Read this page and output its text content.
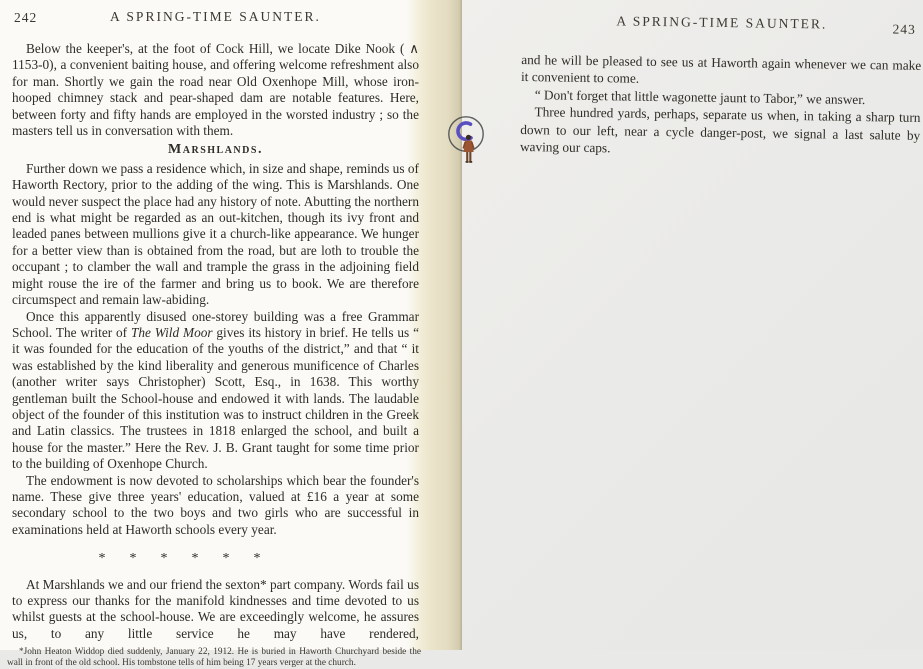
242	A SPRING-TIME SAUNTER.

Below the keeper's, at the foot of Cock Hill, we locate Dike Nook ( ∧ 1153-0), a convenient baiting house, and offering welcome refreshment also for man. Shortly we gain the road near Old Oxenhope Mill, whose iron-hooped chimney stack and pear-shaped dam are notable features. Here, between forty and fifty hands are employed in the worsted industry ; so the masters tell us in conversation with them.

Marshlands.

Further down we pass a residence which, in size and shape, reminds us of Haworth Rectory, prior to the adding of the wing. This is Marshlands. One would never suspect the place had any history of note. Abutting the northern end is what might be regarded as an out-kitchen, though its ivy front and leaded panes between mullions give it a church-like appearance. We hunger for a better view than is obtained from the road, but are loth to trouble the occupant ; to clamber the wall and trample the grass in the adjoining field might rouse the ire of the farmer and bring us to book. We are therefore circumspect and remain law-abiding.

Once this apparently disused one-storey building was a free Grammar School. The writer of The Wild Moor gives its history in brief. He tells us “ it was founded for the education of the youths of the district,” and that “ it was established by the kind liberality and generous munificence of Charles (another writer says Christopher) Scott, Esq., in 1638. This worthy gentleman built the School-house and endowed it with lands. The laudable object of the founder of this institution was to instruct children in the Greek and Latin classics. The trustees in 1818 enlarged the school, and built a house for the master.” Here the Rev. J. B. Grant taught for some time prior to the building of Oxenhope Church.

The endowment is now devoted to scholarships which bear the founder's name. These give three years' education, valued at £16 a year at some secondary school to the two boys and two girls who are successful in examinations held at Haworth schools every year.

*    *    *    *    *    *

At Marshlands we and our friend the sexton* part company. Words fail us to express our thanks for the manifold kindnesses and time devoted to us whilst guests at the school-house. We are exceedingly welcome, he assures us, to any little service he may have rendered,

*John Heaton Widdop died suddenly, January 22, 1912. He is buried in Haworth Churchyard beside the wall in front of the old school. His tombstone tells of him being 17 years verger at the church.
A SPRING-TIME SAUNTER.	243

and he will be pleased to see us at Haworth again whenever we can make it convenient to come.

“ Don't forget that little wagonette jaunt to Tabor,” we answer.

Three hundred yards, perhaps, separate us when, in taking a sharp turn down to our left, near a cycle danger-post, we signal a last salute by waving our caps.
